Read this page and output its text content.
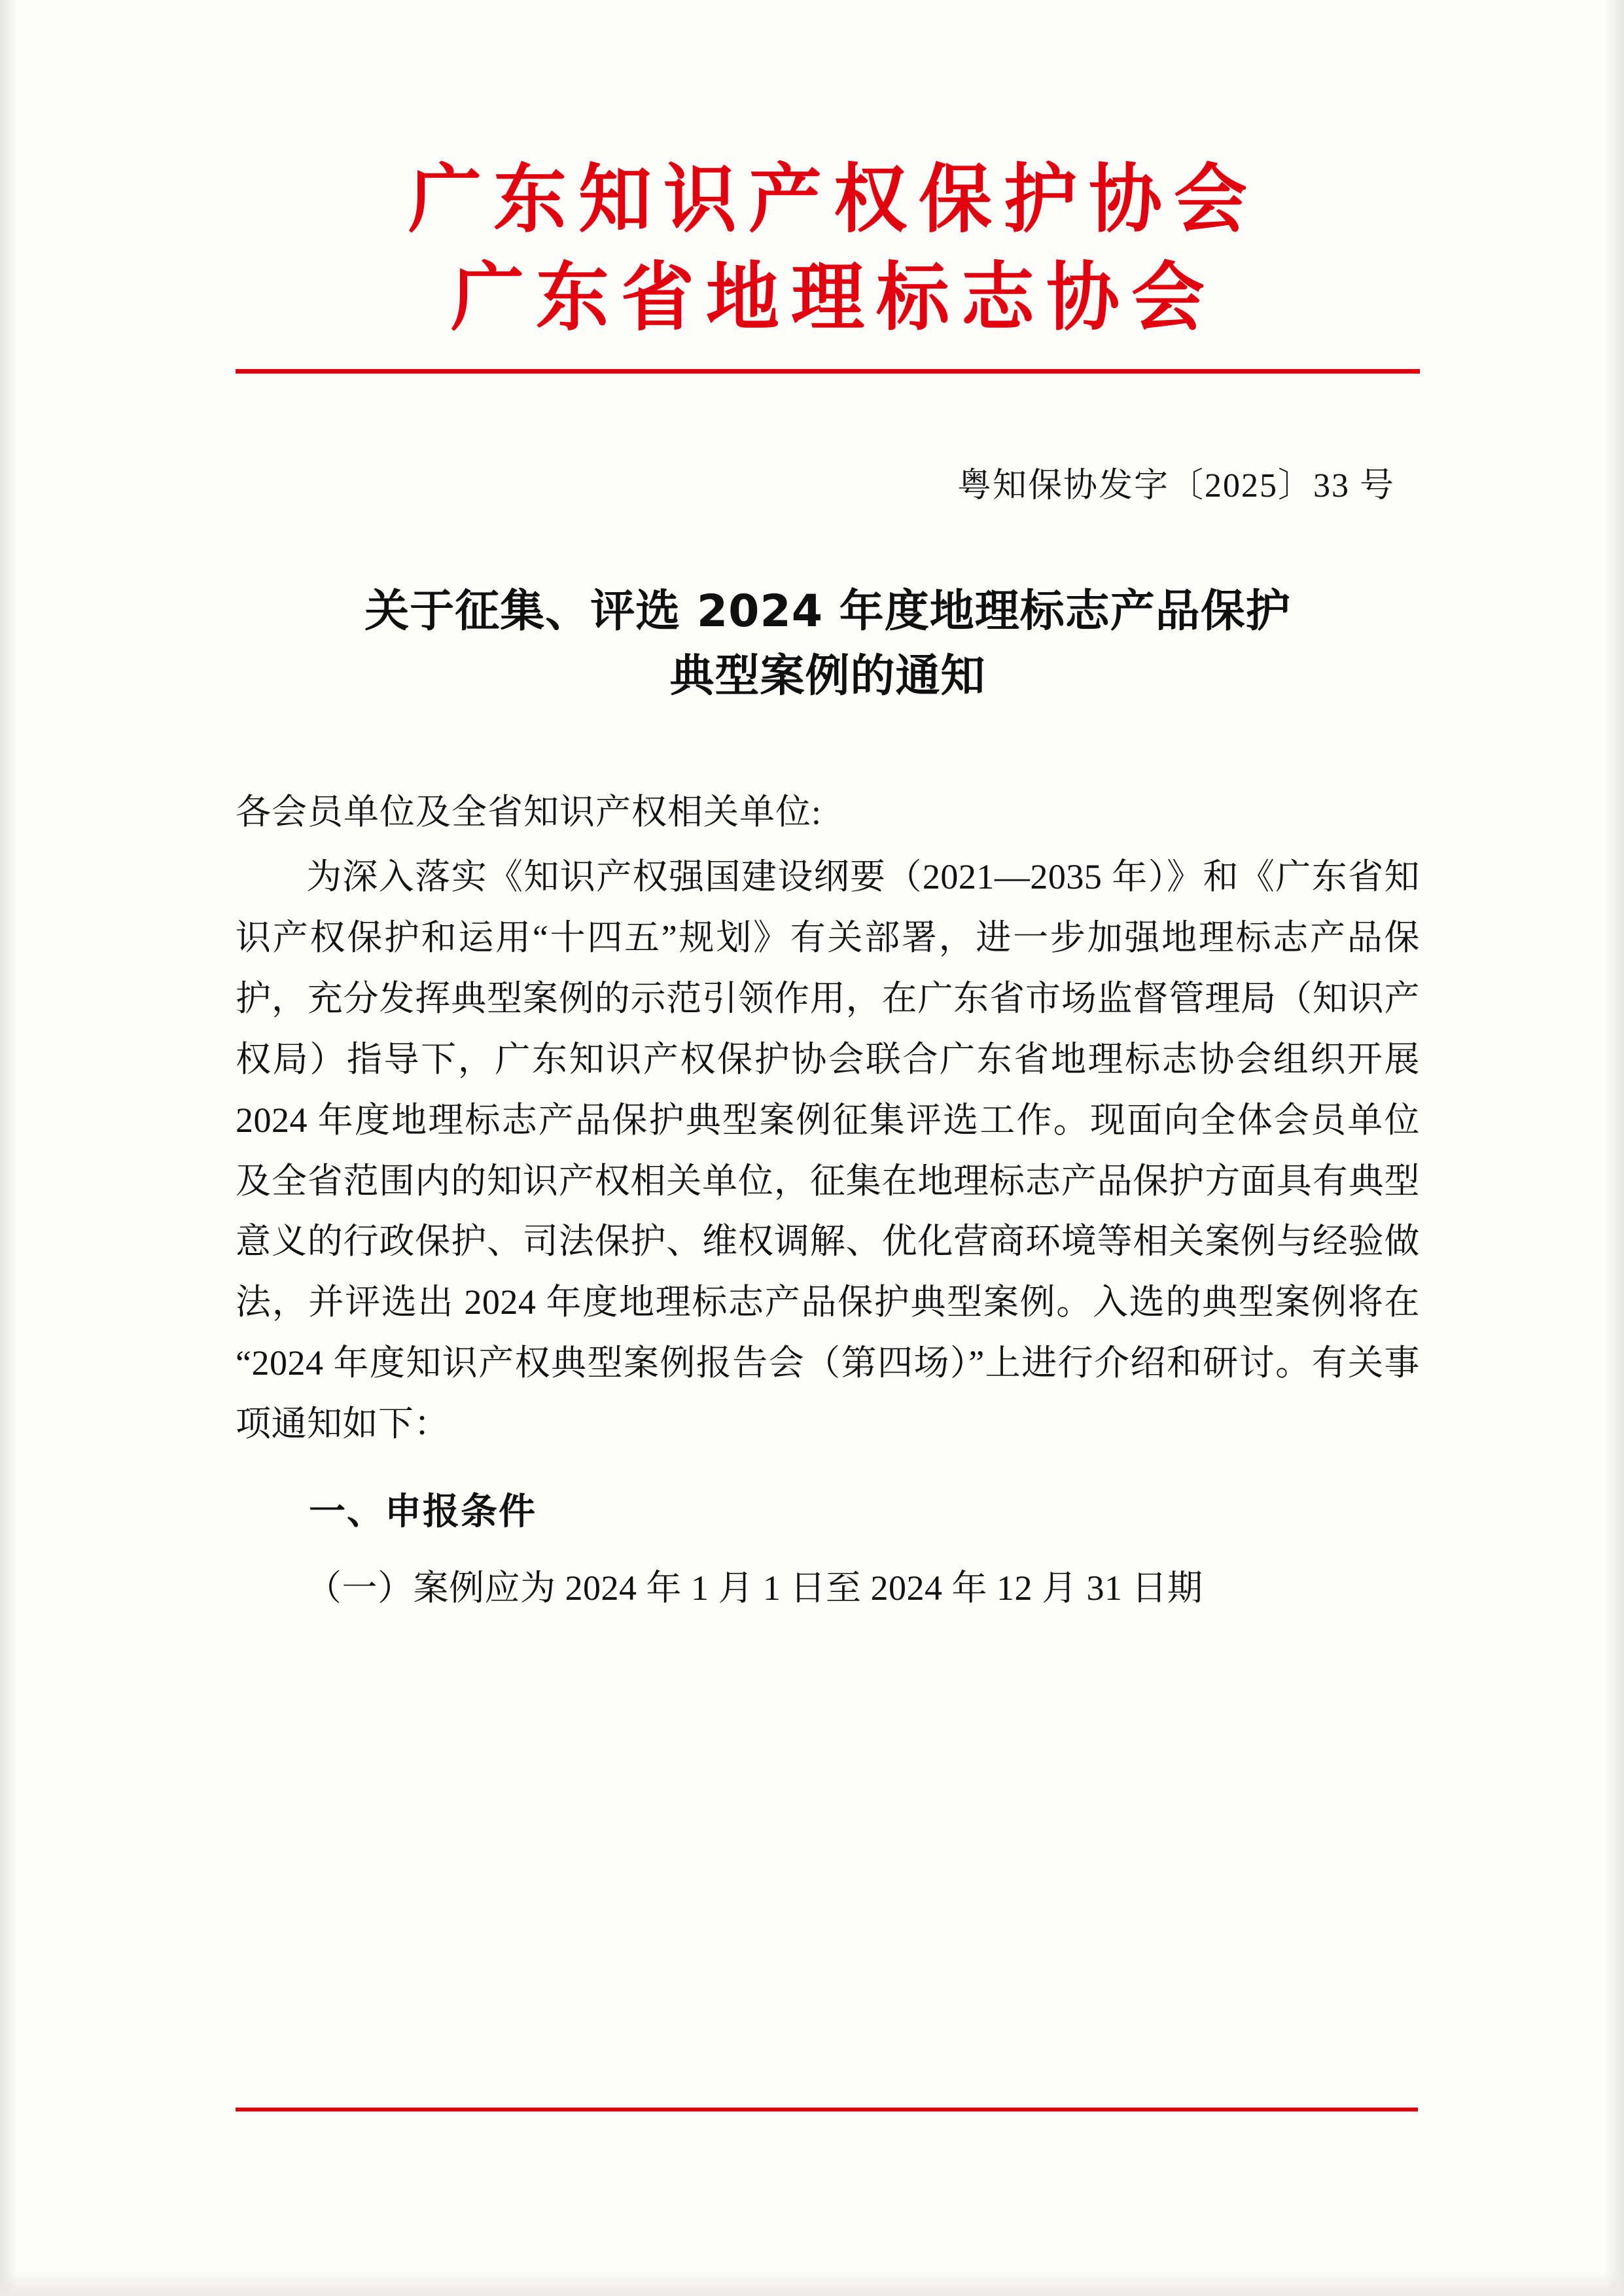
广东知识产权保护协会
广东省地理标志协会
粤知保协发字〔2025〕33 号
关于征集、评选 2024 年度地理标志产品保护
典型案例的通知
各会员单位及全省知识产权相关单位:
为深入落实《知识产权强国建设纲要（2021—2035 年）》和《广东省知识产权保护和运用“十四五”规划》有关部署，进一步加强地理标志产品保护，充分发挥典型案例的示范引领作用，在广东省市场监督管理局（知识产权局）指导下，广东知识产权保护协会联合广东省地理标志协会组织开展 2024 年度地理标志产品保护典型案例征集评选工作。现面向全体会员单位及全省范围内的知识产权相关单位，征集在地理标志产品保护方面具有典型意义的行政保护、司法保护、维权调解、优化营商环境等相关案例与经验做法，并评选出 2024 年度地理标志产品保护典型案例。入选的典型案例将在“2024 年度知识产权典型案例报告会（第四场）”上进行介绍和研讨。有关事项通知如下：
一、申报条件
（一）案例应为 2024 年 1 月 1 日至 2024 年 12 月 31 日期
